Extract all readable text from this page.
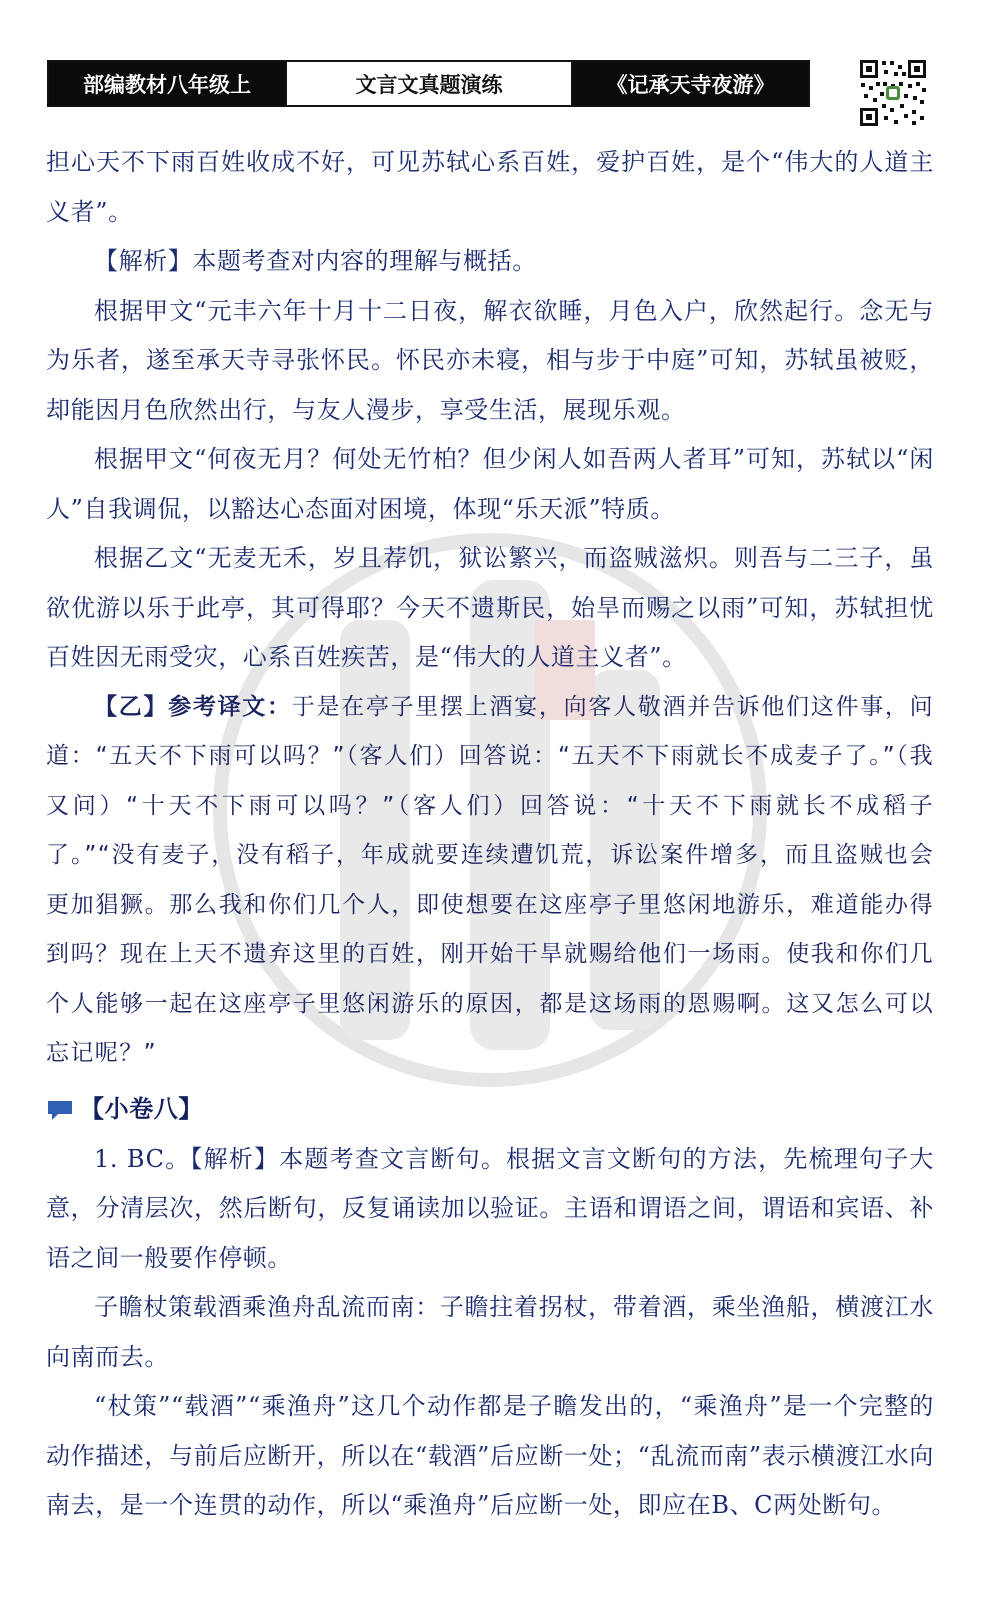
部编教材八年级上	文言文真题演练	《记承天寺夜游》

担心天不下雨百姓收成不好，可见苏轼心系百姓，爱护百姓，是个“伟大的人道主义者”。

【解析】本题考查对内容的理解与概括。

根据甲文“元丰六年十月十二日夜，解衣欲睡，月色入户，欣然起行。念无与为乐者，遂至承天寺寻张怀民。怀民亦未寝，相与步于中庭”可知，苏轼虽被贬，却能因月色欣然出行，与友人漫步，享受生活，展现乐观。

根据甲文“何夜无月？何处无竹柏？但少闲人如吾两人者耳”可知，苏轼以“闲人”自我调侃，以豁达心态面对困境，体现“乐天派”特质。

根据乙文“无麦无禾，岁且荐饥，狱讼繁兴，而盗贼滋炽。则吾与二三子，虽欲优游以乐于此亭，其可得耶？今天不遗斯民，始旱而赐之以雨”可知，苏轼担忧百姓因无雨受灾，心系百姓疾苦，是“伟大的人道主义者”。

【乙】参考译文：于是在亭子里摆上酒宴，向客人敬酒并告诉他们这件事，问道：“五天不下雨可以吗？”（客人们）回答说：“五天不下雨就长不成麦子了。”（我又问）“十天不下雨可以吗？”（客人们）回答说：“十天不下雨就长不成稻子了。”“没有麦子，没有稻子，年成就要连续遭饥荒，诉讼案件增多，而且盗贼也会更加猖獗。那么我和你们几个人，即使想要在这座亭子里悠闲地游乐，难道能办得到吗？现在上天不遗弃这里的百姓，刚开始干旱就赐给他们一场雨。使我和你们几个人能够一起在这座亭子里悠闲游乐的原因，都是这场雨的恩赐啊。这又怎么可以忘记呢？”

【小卷八】

1. BC。【解析】本题考查文言断句。根据文言文断句的方法，先梳理句子大意，分清层次，然后断句，反复诵读加以验证。主语和谓语之间，谓语和宾语、补语之间一般要作停顿。

子瞻杖策载酒乘渔舟乱流而南：子瞻拄着拐杖，带着酒，乘坐渔船，横渡江水向南而去。

“杖策”“载酒”“乘渔舟”这几个动作都是子瞻发出的，“乘渔舟”是一个完整的动作描述，与前后应断开，所以在“载酒”后应断一处；“乱流而南”表示横渡江水向南去，是一个连贯的动作，所以“乘渔舟”后应断一处，即应在B、C两处断句。
